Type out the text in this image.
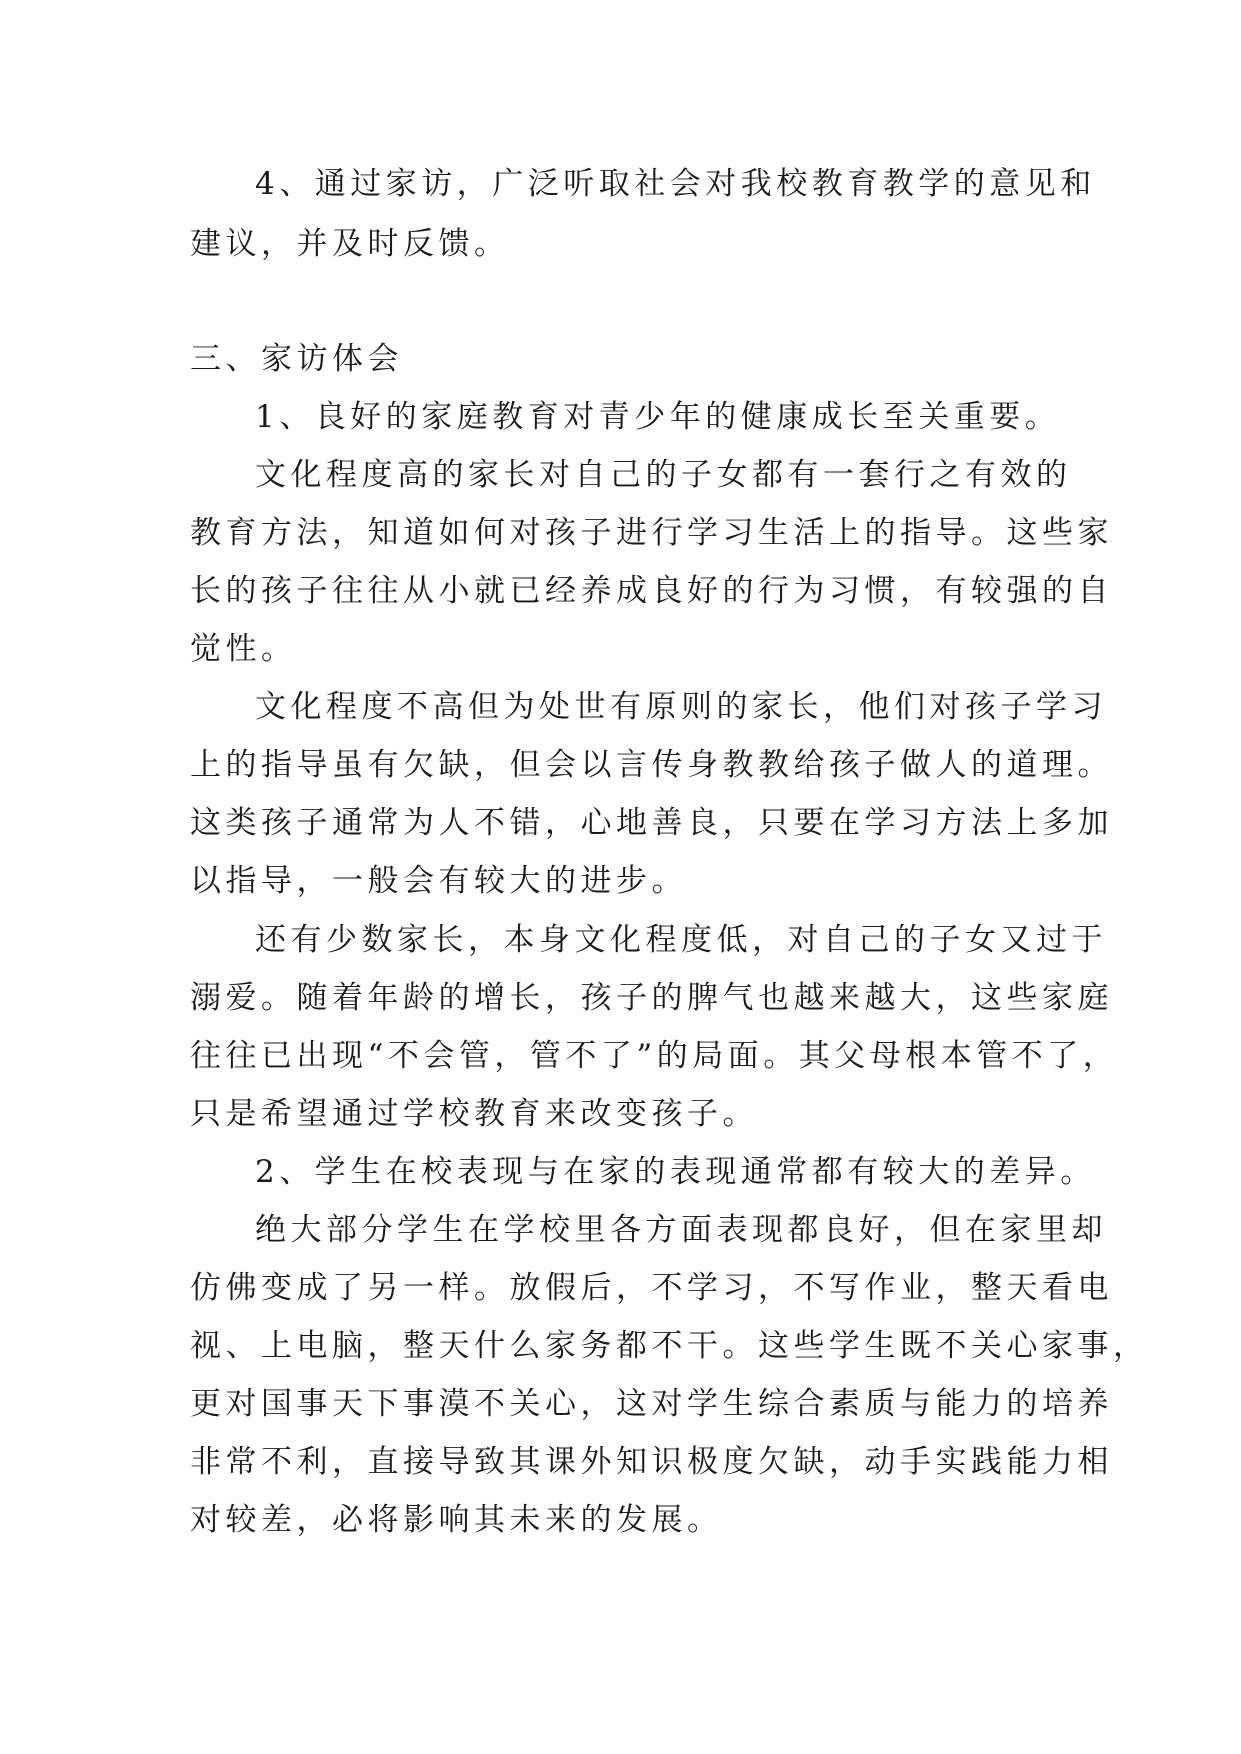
4、通过家访，广泛听取社会对我校教育教学的意见和
建议，并及时反馈。
三、家访体会
1、良好的家庭教育对青少年的健康成长至关重要。
文化程度高的家长对自己的子女都有一套行之有效的
教育方法，知道如何对孩子进行学习生活上的指导。这些家
长的孩子往往从小就已经养成良好的行为习惯，有较强的自
觉性。
文化程度不高但为处世有原则的家长，他们对孩子学习
上的指导虽有欠缺，但会以言传身教教给孩子做人的道理。
这类孩子通常为人不错，心地善良，只要在学习方法上多加
以指导，一般会有较大的进步。
还有少数家长，本身文化程度低，对自己的子女又过于
溺爱。随着年龄的增长，孩子的脾气也越来越大，这些家庭
往往已出现“不会管，管不了”的局面。其父母根本管不了，
只是希望通过学校教育来改变孩子。
2、学生在校表现与在家的表现通常都有较大的差异。
绝大部分学生在学校里各方面表现都良好，但在家里却
仿佛变成了另一样。放假后，不学习，不写作业，整天看电
视、上电脑，整天什么家务都不干。这些学生既不关心家事，
更对国事天下事漠不关心，这对学生综合素质与能力的培养
非常不利，直接导致其课外知识极度欠缺，动手实践能力相
对较差，必将影响其未来的发展。
